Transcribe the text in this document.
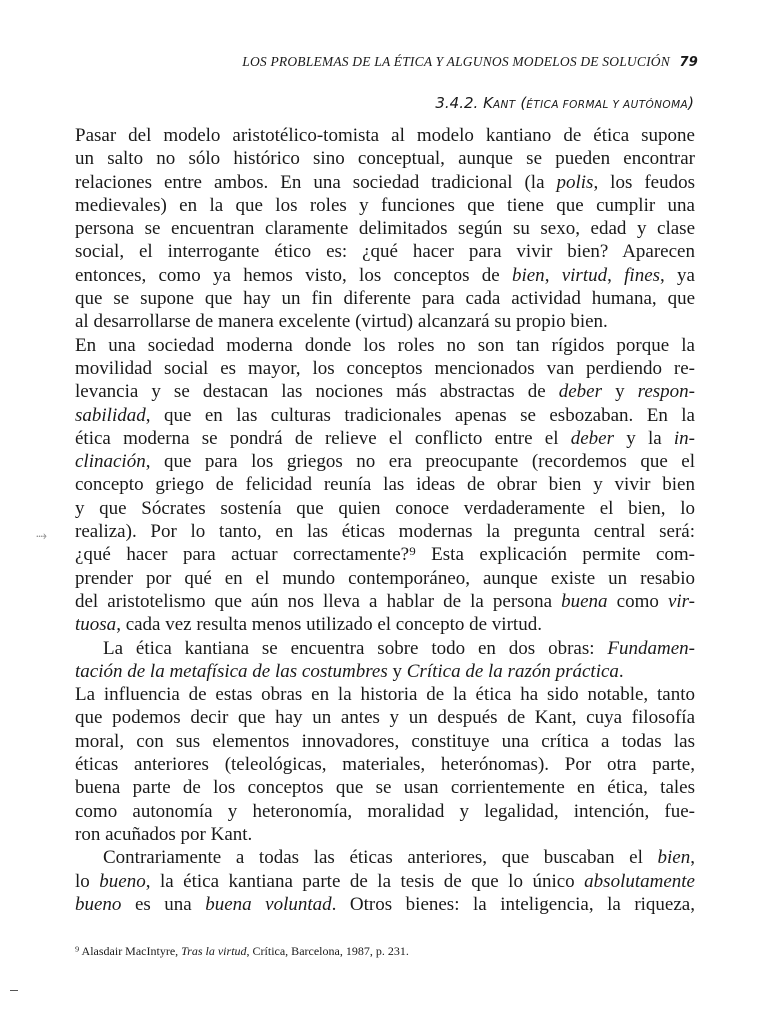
LOS PROBLEMAS DE LA ÉTICA Y ALGUNOS MODELOS DE SOLUCIÓN 79
3.4.2. KANT (ÉTICA FORMAL Y AUTÓNOMA)
Pasar del modelo aristotélico-tomista al modelo kantiano de ética supone
un salto no sólo histórico sino conceptual, aunque se pueden encontrar
relaciones entre ambos. En una sociedad tradicional (la polis, los feudos
medievales) en la que los roles y funciones que tiene que cumplir una
persona se encuentran claramente delimitados según su sexo, edad y clase
social, el interrogante ético es: ¿qué hacer para vivir bien? Aparecen
entonces, como ya hemos visto, los conceptos de bien, virtud, fines, ya
que se supone que hay un fin diferente para cada actividad humana, que
al desarrollarse de manera excelente (virtud) alcanzará su propio bien.
En una sociedad moderna donde los roles no son tan rígidos porque la
movilidad social es mayor, los conceptos mencionados van perdiendo re-
levancia y se destacan las nociones más abstractas de deber y respon-
sabilidad, que en las culturas tradicionales apenas se esbozaban. En la
ética moderna se pondrá de relieve el conflicto entre el deber y la in-
clinación, que para los griegos no era preocupante (recordemos que el
concepto griego de felicidad reunía las ideas de obrar bien y vivir bien
y que Sócrates sostenía que quien conoce verdaderamente el bien, lo
realiza). Por lo tanto, en las éticas modernas la pregunta central será:
¿qué hacer para actuar correctamente?⁹ Esta explicación permite com-
prender por qué en el mundo contemporáneo, aunque existe un resabio
del aristotelismo que aún nos lleva a hablar de la persona buena como vir-
tuosa, cada vez resulta menos utilizado el concepto de virtud.
La ética kantiana se encuentra sobre todo en dos obras: Fundamen-
tación de la metafísica de las costumbres y Crítica de la razón práctica.
La influencia de estas obras en la historia de la ética ha sido notable, tanto
que podemos decir que hay un antes y un después de Kant, cuya filosofía
moral, con sus elementos innovadores, constituye una crítica a todas las
éticas anteriores (teleológicas, materiales, heterónomas). Por otra parte,
buena parte de los conceptos que se usan corrientemente en ética, tales
como autonomía y heteronomía, moralidad y legalidad, intención, fue-
ron acuñados por Kant.
Contrariamente a todas las éticas anteriores, que buscaban el bien,
lo bueno, la ética kantiana parte de la tesis de que lo único absolutamente
bueno es una buena voluntad. Otros bienes: la inteligencia, la riqueza,
⁹ Alasdair MacIntyre, Tras la virtud, Crítica, Barcelona, 1987, p. 231.
⤑
